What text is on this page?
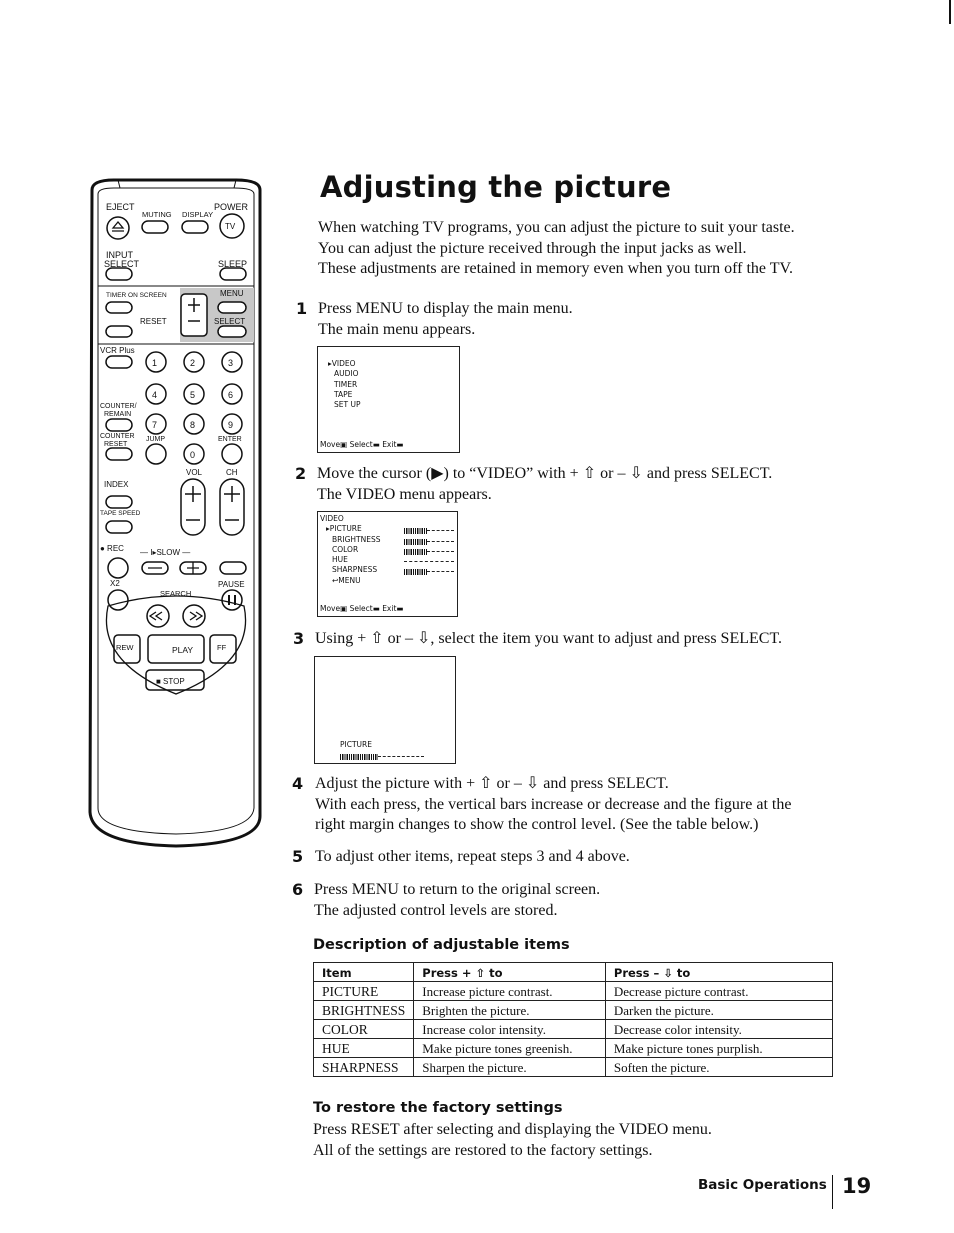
EJECT	POWER
MUTING DISPLAY
TV
INPUT
SELECT	SLEEP
TIMER ON SCREEN	MENU
RESET	SELECT
VCR Plus
1	2	3
4	5	6
7	8	9
0
COUNTER/
REMAIN
COUNTER
RESET
JUMP	ENTER
VOL	CH
INDEX
TAPE SPEED
● REC — I▸SLOW —
X2	PAUSE
SEARCH
REW	PLAY	FF
■ STOP
Adjusting the picture
When watching TV programs, you can adjust the picture to suit your taste.
You can adjust the picture received through the input jacks as well.
These adjustments are retained in memory even when you turn off the TV.
1 Press MENU to display the main menu.
The main menu appears.
▸VIDEO
AUDIO
TIMER
TAPE
SET UP
Move▣ Select▬ Exit▬
2 Move the cursor (▶) to “VIDEO” with + ⇧ or – ⇩ and press SELECT.
The VIDEO menu appears.
VIDEO
▸PICTURE
BRIGHTNESS
COLOR
HUE
SHARPNESS
↩MENU
Move▣ Select▬ Exit▬
3 Using + ⇧ or – ⇩, select the item you want to adjust and press SELECT.
PICTURE
4 Adjust the picture with + ⇧ or – ⇩ and press SELECT.
With each press, the vertical bars increase or decrease and the figure at the
right margin changes to show the control level. (See the table below.)
5 To adjust other items, repeat steps 3 and 4 above.
6 Press MENU to return to the original screen.
The adjusted control levels are stored.
Description of adjustable items
Item	Press + ⇧ to	Press – ⇩ to
PICTURE	Increase picture contrast.	Decrease picture contrast.
BRIGHTNESS	Brighten the picture.	Darken the picture.
COLOR	Increase color intensity.	Decrease color intensity.
HUE	Make picture tones greenish.	Make picture tones purplish.
SHARPNESS	Sharpen the picture.	Soften the picture.
To restore the factory settings
Press RESET after selecting and displaying the VIDEO menu.
All of the settings are restored to the factory settings.
Basic Operations 19
